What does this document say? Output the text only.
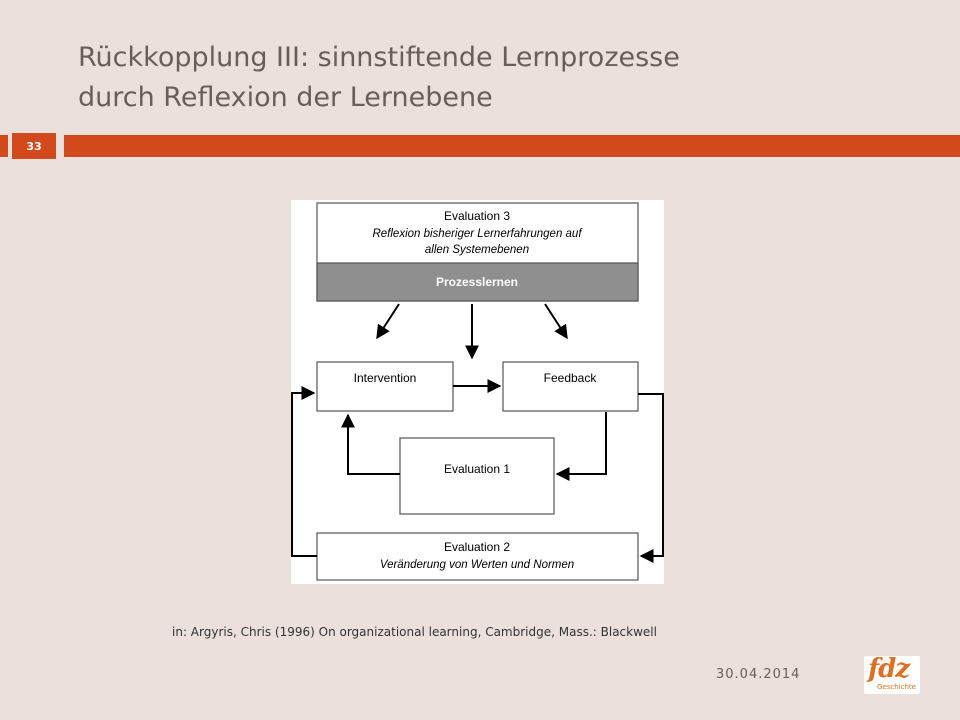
Rückkopplung III: sinnstiftende Lernprozesse
durch Reflexion der Lernebene
33
Evaluation 3
Reflexion bisheriger Lernerfahrungen auf
allen Systemebenen
Prozesslernen
Intervention	Feedback
Evaluation 1
Evaluation 2
Veränderung von Werten und Normen
in: Argyris, Chris (1996) On organizational learning, Cambridge, Mass.: Blackwell
30.04.2014	fdz
Geschichte
